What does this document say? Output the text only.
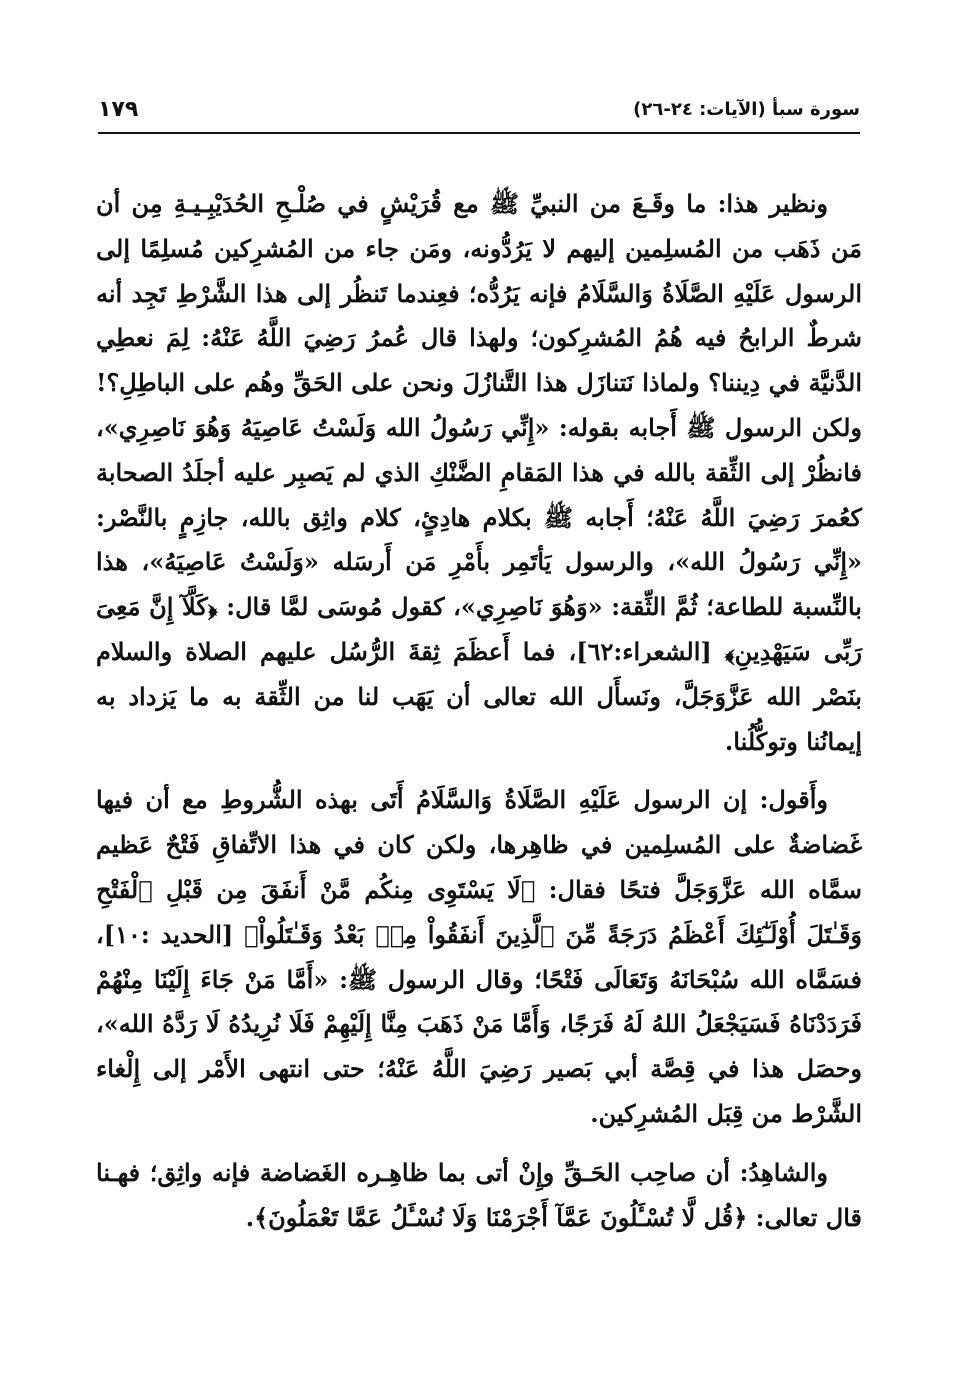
١٧٩	سورة سبأ (الآيات: ٢٤-٢٦)

ونظير هذا: ما وقَـعَ من النبيِّ ﷺ مع قُرَيْشٍ في صُلْـحِ الحُدَيْبِـيـةِ مِن أن مَن ذَهَب من المُسلِمين إليهم لا يَرُدُّونه، ومَن جاء من المُشرِكين مُسلِمًا إلى الرسول عَلَيْهِ الصَّلَاةُ وَالسَّلَامُ فإنه يَرُدُّه؛ فعِندما تَنظُر إلى هذا الشَّرْطِ تَجِد أنه شرطٌ الرابحُ فيه هُمُ المُشرِكون؛ ولهذا قال عُمرُ رَضِيَ اللَّهُ عَنْهُ: لِمَ نعطِي الدَّنيَّة في دِيننا؟ ولماذا نَتنازَل هذا التَّنازُلَ ونحن على الحَقِّ وهُم على الباطِلِ؟! ولكن الرسول ﷺ أَجابه بقوله: «إِنِّي رَسُولُ الله وَلَسْتُ عَاصِيَهُ وَهُوَ نَاصِرِي»، فانظُرْ إلى الثِّقة بالله في هذا المَقامِ الضَّنْكِ الذي لم يَصبِر عليه أجلَدُ الصحابة كعُمرَ رَضِيَ اللَّهُ عَنْهُ؛ أَجابه ﷺ بكلام هادِئٍ، كلام واثِق بالله، جازِمٍ بالنَّصْر: «إِنِّي رَسُولُ الله»، والرسول يَأتَمِر بأَمْرِ مَن أَرسَله «وَلَسْتُ عَاصِيَهُ»، هذا بالنِّسبة للطاعة؛ ثُمَّ الثِّقة: «وَهُوَ نَاصِرِي»، كقول مُوسَى لمَّا قال: ﴿كَلَّآ إِنَّ مَعِىَ رَبِّى سَيَهْدِينِ﴾ [الشعراء:٦٢]، فما أَعظَمَ ثِقةَ الرُّسُل عليهم الصلاة والسلام بنَصْر الله عَزَّوَجَلَّ، ونَسأَل الله تعالى أن يَهَب لنا من الثِّقة به ما يَزداد به إيمانُنا وتوكُّلُنا.

وأَقول: إن الرسول عَلَيْهِ الصَّلَاةُ وَالسَّلَامُ أَتَى بهذه الشُّروطِ مع أن فيها غَضاضةٌ على المُسلِمين في ظاهِرها، ولكن كان في هذا الاتِّفاقِ فَتْحٌ عَظيم سمَّاه الله عَزَّوَجَلَّ فتحًا فقال: ﴿لَا يَسْتَوِى مِنكُم مَّنْ أَنفَقَ مِن قَبْلِ ٱلْفَتْحِ وَقَـٰتَلَ أُوْلَـٰٓئِكَ أَعْظَمُ دَرَجَةً مِّنَ ٱلَّذِينَ أَنفَقُواْ مِنۢ بَعْدُ وَقَـٰتَلُواْ﴾ [الحديد :١٠]، فسَمَّاه الله سُبْحَانَهُ وَتَعَالَى فَتْحًا؛ وقال الرسول ﷺ: «أَمَّا مَنْ جَاءَ إِلَيْنَا مِنْهُمْ فَرَدَدْنَاهُ فَسَيَجْعَلُ اللهُ لَهُ فَرَجًا، وَأَمَّا مَنْ ذَهَبَ مِنَّا إِلَيْهِمْ فَلَا نُرِيدُهُ لَا رَدَّهُ الله»، وحصَل هذا في قِصَّة أبي بَصير رَضِيَ اللَّهُ عَنْهُ؛ حتى انتهى الأَمْر إلى إِلْغاء الشَّرْط من قِبَل المُشرِكين.

والشاهِدُ: أن صاحِب الحَـقِّ وإِنْ أتى بما ظاهِـره الغَضاضة فإنه واثِق؛ فهـنا قال تعالى: ﴿قُل لَّا تُسْـَٔلُونَ عَمَّآ أَجْرَمْنَا وَلَا نُسْـَٔلُ عَمَّا تَعْمَلُونَ﴾.
